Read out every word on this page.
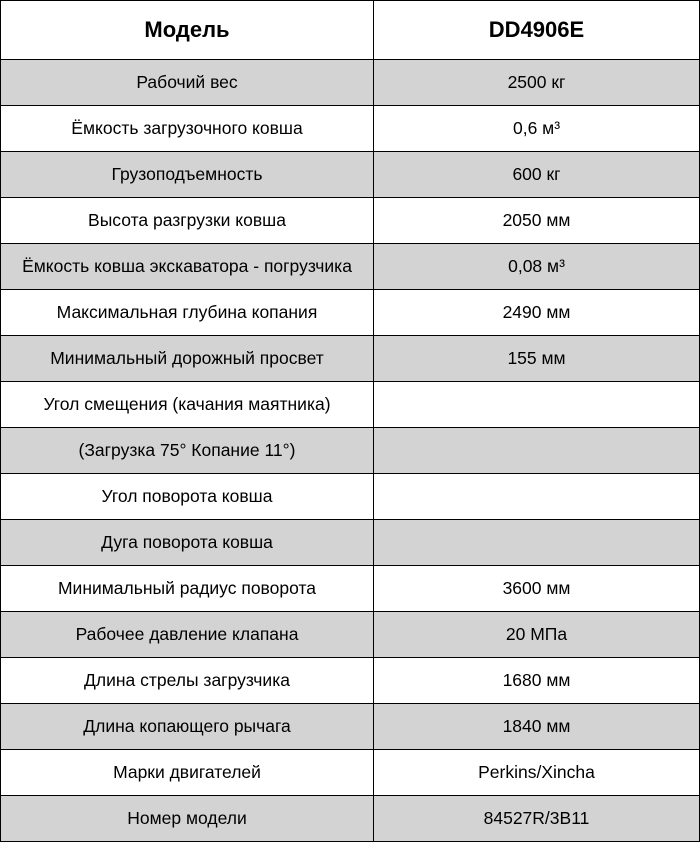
Модель	DD4906E
Рабочий вес	2500 кг
Ёмкость загрузочного ковша	0,6 м³
Грузоподъемность	600 кг
Высота разгрузки ковша	2050 мм
Ёмкость ковша экскаватора - погрузчика	0,08 м³
Максимальная глубина копания	2490 мм
Минимальный дорожный просвет	155 мм
Угол смещения (качания маятника)	
(Загрузка 75° Копание 11°)	
Угол поворота ковша	
Дуга поворота ковша	
Минимальный радиус поворота	3600 мм
Рабочее давление клапана	20 МПа
Длина стрелы загрузчика	1680 мм
Длина копающего рычага	1840 мм
Марки двигателей	Perkins/Xincha
Номер модели	84527R/3B11
